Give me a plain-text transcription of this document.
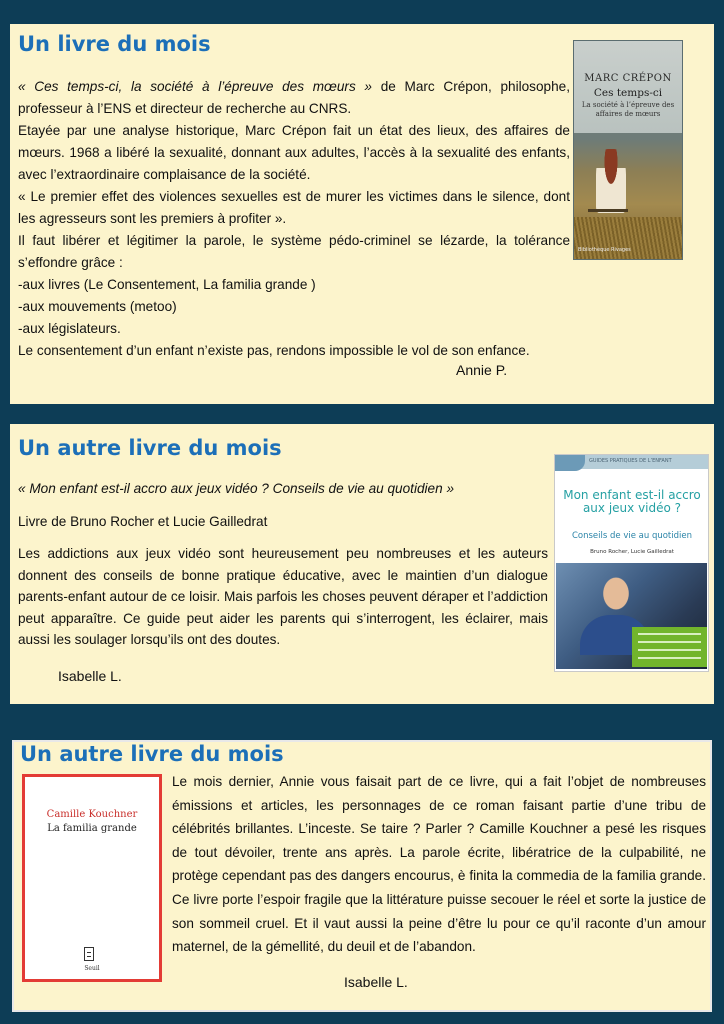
Un livre du mois
MARC CRÉPON
Ces temps-ci
La société à l’épreuve des affaires de mœurs
Bibliothèque Rivages

« Ces temps-ci, la société à l’épreuve des mœurs » de Marc Crépon, philosophe, professeur à l’ENS et directeur de recherche au CNRS.

Etayée par une analyse historique, Marc Crépon fait un état des lieux, des affaires de mœurs. 1968 a libéré la sexualité, donnant aux adultes, l’accès à la sexualité des enfants, avec l’extraordinaire complaisance de la société.

« Le premier effet des violences sexuelles est de murer les victimes dans le silence, dont les agresseurs sont les premiers à profiter ».

Il faut libérer et légitimer la parole, le système pédo-criminel se lézarde, la tolérance s’effondre grâce :

-aux livres (Le Consentement, La familia grande )

-aux mouvements (metoo)

-aux législateurs.

Le consentement d’un enfant n’existe pas, rendons impossible le vol de son enfance.

Annie P.
Un autre livre du mois
GUIDES PRATIQUES DE L’ENFANT
Mon enfant est-il accro aux jeux vidéo ?
Conseils de vie au quotidien
Bruno Rocher, Lucie Gailledrat

« Mon enfant est-il accro aux jeux vidéo ? Conseils de vie au quotidien »

Livre de Bruno Rocher et Lucie Gailledrat

Les addictions aux jeux vidéo sont heureusement peu nombreuses et les auteurs donnent des conseils de bonne pratique éducative, avec le maintien d’un dialogue parents-enfant autour de ce loisir. Mais parfois les choses peuvent déraper et l’addiction peut apparaître. Ce guide peut aider les parents qui s’interrogent, les éclairer, mais aussi les soulager lorsqu’ils ont des doutes.

Isabelle L.
Un autre livre du mois
Camille Kouchner
La familia grande
Seuil

Le mois dernier, Annie vous faisait part de ce livre, qui a fait l’objet de nombreuses émissions et articles, les personnages de ce roman faisant partie d’une tribu de célébrités brillantes. L’inceste. Se taire ? Parler ? Camille Kouchner a pesé les risques de tout dévoiler, trente ans après. La parole écrite, libératrice de la culpabilité, ne protège cependant pas des dangers encourus, è finita la commedia de la familia grande. Ce livre porte l’espoir fragile que la littérature puisse secouer le réel et sorte la justice de son sommeil cruel. Et il vaut aussi la peine d’être lu pour ce qu’il raconte d’un amour maternel, de la gémellité, du deuil et de l’abandon.

Isabelle L.
